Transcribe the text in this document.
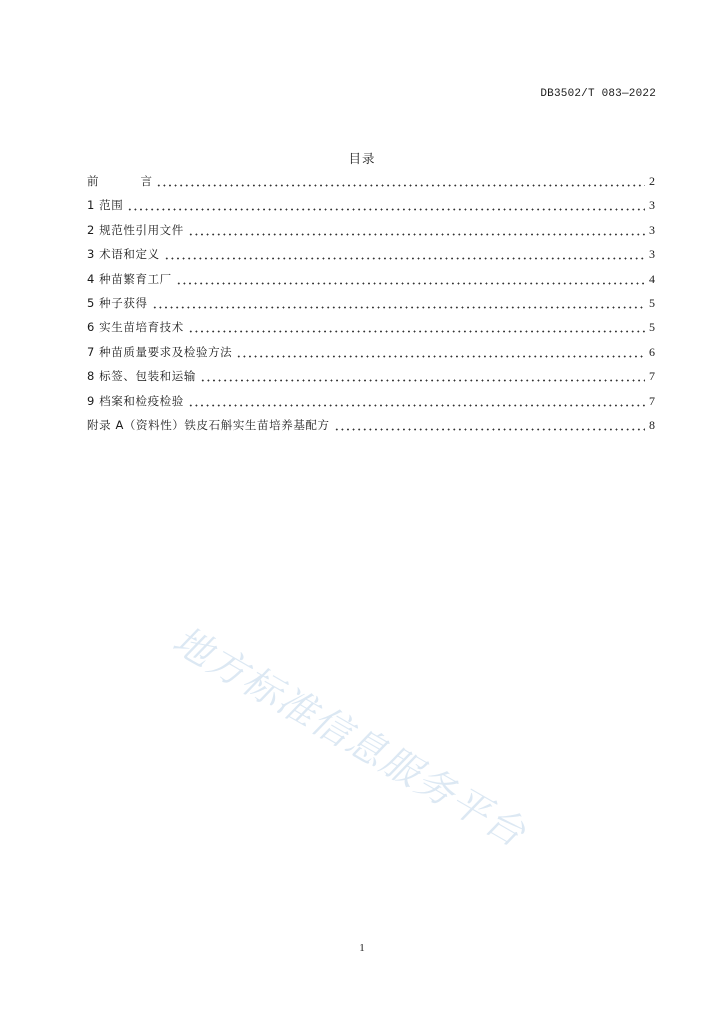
DB3502/T 083—2022
目录
前	言	2
1 范围	3
2 规范性引用文件	3
3 术语和定义	3
4 种苗繁育工厂	4
5 种子获得	5
6 实生苗培育技术	5
7 种苗质量要求及检验方法	6
8 标签、包装和运输	7
9 档案和检疫检验	7
附录 A（资料性）铁皮石斛实生苗培养基配方	8
地方标准信息服务平台
1
